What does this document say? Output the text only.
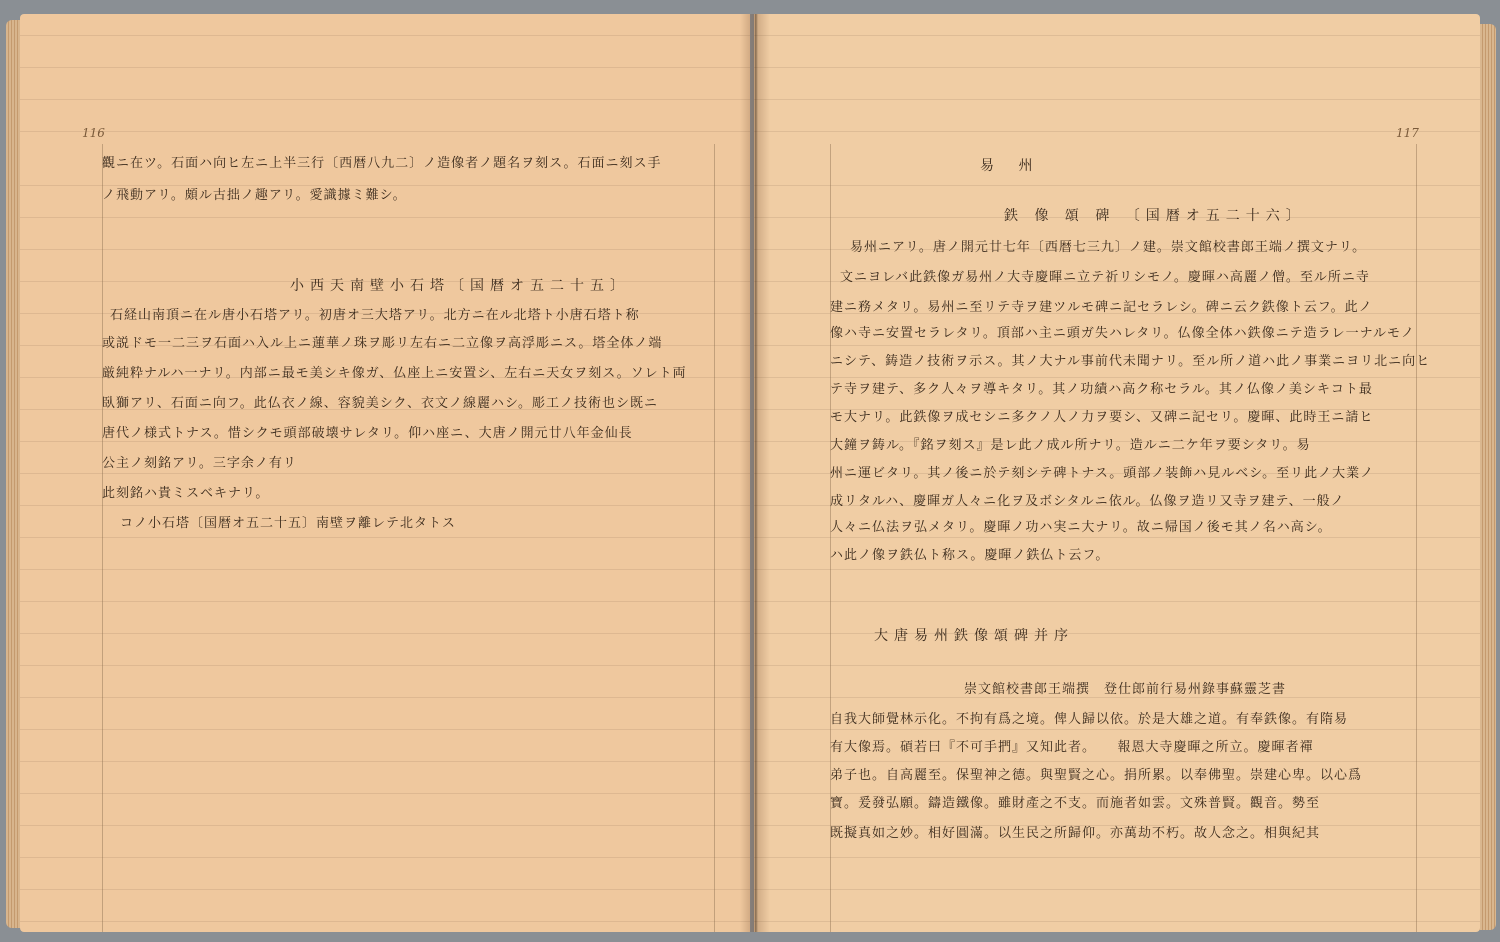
116
觀ニ在ツ。石面ハ向ヒ左ニ上半三行〔西暦八九二〕ノ造像者ノ題名ヲ刻ス。石面ニ刻ス手
ノ飛動アリ。頗ル古拙ノ趣アリ。愛識據ミ難シ。
小西天南壁小石塔〔国暦オ五二十五〕
石経山南頂ニ在ル唐小石塔アリ。初唐オ三大塔アリ。北方ニ在ル北塔ト小唐石塔ト称
或説ドモ一二三ヲ石面ハ入ル上ニ蓮華ノ珠ヲ彫リ左右ニ二立像ヲ高浮彫ニス。塔全体ノ端
厳純粋ナルハ一ナリ。内部ニ最モ美シキ像ガ、仏座上ニ安置シ、左右ニ天女ヲ刻ス。ソレト両
臥獅アリ、石面ニ向フ。此仏衣ノ線、容貌美シク、衣文ノ線麗ハシ。彫工ノ技術也シ既ニ
唐代ノ様式トナス。惜シクモ頭部破壊サレタリ。仰ハ座ニ、大唐ノ開元廿八年金仙長
公主ノ刻銘アリ。三字余ノ有リ
此刻銘ハ貴ミスベキナリ。
コノ小石塔〔国暦オ五二十五〕南壁ヲ離レテ北タトス
117
易 州
鉄 像 頌 碑 〔国暦オ五二十六〕
易州ニアリ。唐ノ開元廿七年〔西暦七三九〕ノ建。崇文館校書郎王端ノ撰文ナリ。
文ニヨレバ此鉄像ガ易州ノ大寺慶暉ニ立テ祈リシモノ。慶暉ハ高麗ノ僧。至ル所ニ寺
建ニ務メタリ。易州ニ至リテ寺ヲ建ツルモ碑ニ記セラレシ。碑ニ云ク鉄像ト云フ。此ノ
像ハ寺ニ安置セラレタリ。頂部ハ主ニ頭ガ失ハレタリ。仏像全体ハ鉄像ニテ造ラレ一ナルモノ
ニシテ、鋳造ノ技術ヲ示ス。其ノ大ナル事前代未聞ナリ。至ル所ノ道ハ此ノ事業ニヨリ北ニ向ヒ
テ寺ヲ建テ、多ク人々ヲ導キタリ。其ノ功績ハ高ク称セラル。其ノ仏像ノ美シキコト最
モ大ナリ。此鉄像ヲ成セシニ多クノ人ノ力ヲ要シ、又碑ニ記セリ。慶暉、此時王ニ請ヒ
大鐘ヲ鋳ル。『銘ヲ刻ス』是レ此ノ成ル所ナリ。造ルニ二ケ年ヲ要シタリ。易
州ニ運ビタリ。其ノ後ニ於テ刻シテ碑トナス。頭部ノ装飾ハ見ルベシ。至リ此ノ大業ノ
成リタルハ、慶暉ガ人々ニ化ヲ及ボシタルニ依ル。仏像ヲ造リ又寺ヲ建テ、一般ノ
人々ニ仏法ヲ弘メタリ。慶暉ノ功ハ実ニ大ナリ。故ニ帰国ノ後モ其ノ名ハ高シ。
ハ此ノ像ヲ鉄仏ト称ス。慶暉ノ鉄仏ト云フ。
大唐易州鉄像頌碑并序
崇文館校書郎王端撰　登仕郎前行易州錄事蘇靈芝書
自我大師覺林示化。不拘有爲之境。俾人歸以依。於是大雄之道。有奉鉄像。有隋易
有大像焉。碩若曰『不可手捫』又知此者。　　報恩大寺慶暉之所立。慶暉者禪
弟子也。自高麗至。保聖神之德。與聖賢之心。捐所累。以奉佛聖。崇建心卑。以心爲
寶。爰發弘願。鑄造鐵像。雖財產之不支。而施者如雲。文殊普賢。觀音。勢至
既擬真如之妙。相好圓滿。以生民之所歸仰。亦萬劫不朽。故人念之。相與紀其
